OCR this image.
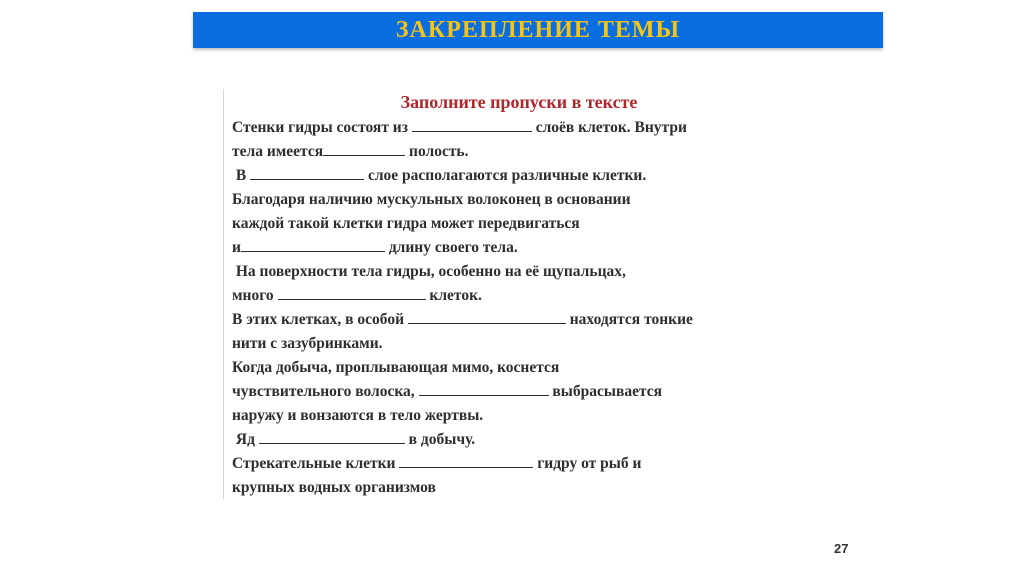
ЗАКРЕПЛЕНИЕ ТЕМЫ
Заполните пропуски в тексте
Стенки гидры состоят из	слоёв клеток. Внутри
тела имеется	полость.
В	слое располагаются различные клетки.
Благодаря наличию мускульных волоконец в основании
каждой такой клетки гидра может передвигаться
и	длину своего тела.
На поверхности тела гидры, особенно на её щупальцах,
много	клеток.
В этих клетках, в особой	находятся тонкие
нити с зазубринками.
Когда добыча, проплывающая мимо, коснется
чувствительного волоска,	выбрасывается
наружу и вонзаются в тело жертвы.
Яд	в добычу.
Стрекательные клетки	гидру от рыб и
крупных водных организмов
27
